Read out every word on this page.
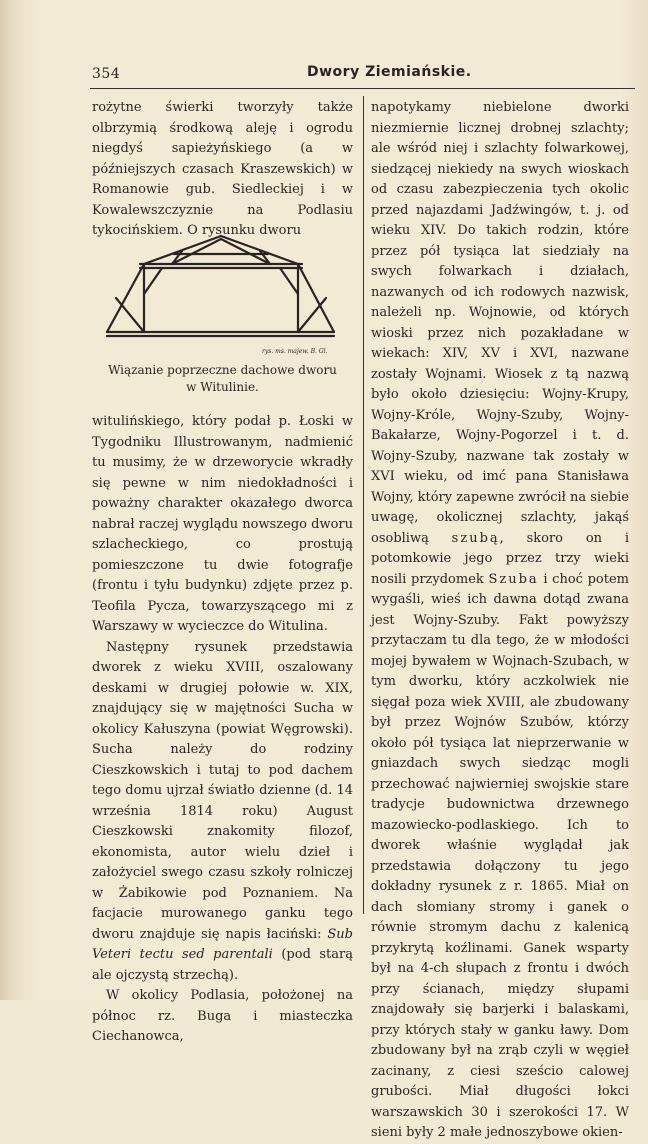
354	Dwory Ziemiańskie.

rożytne świerki tworzyły także olbrzymią środkową aleję i ogrodu niegdyś sapieżyńskiego (a w późniejszych czasach Kraszewskich) w Romanowie gub. Siedleckiej i w Kowalewszczyznie na Podlasiu tykocińskiem. O rysunku dworu

rys. ms. majew. B. Gl.
Wiązanie poprzeczne dachowe dworu
w Witulinie.

witulińskiego, który podał p. Łoski w Tygodniku Illustrowanym, nadmienić tu musimy, że w drzeworycie wkradły się pewne w nim niedokładności i poważny charakter okazałego dworca nabrał raczej wyglądu nowszego dworu szlacheckiego, co prostują pomieszczone tu dwie fotografje (frontu i tyłu budynku) zdjęte przez p. Teofila Pycza, towarzyszącego mi z Warszawy w wycieczce do Witulina.

Następny rysunek przedstawia dworek z wieku XVIII, oszalowany deskami w drugiej połowie w. XIX, znajdujący się w majętności Sucha w okolicy Kałuszyna (powiat Węgrowski). Sucha należy do rodziny Cieszkowskich i tutaj to pod dachem tego domu ujrzał światło dzienne (d. 14 września 1814 roku) August Cieszkowski znakomity filozof, ekonomista, autor wielu dzieł i założyciel swego czasu szkoły rolniczej w Żabikowie pod Poznaniem. Na facjacie murowanego ganku tego dworu znajduje się napis łaciński: Sub Veteri tectu sed parentali (pod starą ale ojczystą strzechą).

W okolicy Podlasia, położonej na północ rz. Buga i miasteczka Ciechanowca,

napotykamy niebielone dworki niezmiernie licznej drobnej szlachty; ale wśród niej i szlachty folwarkowej, siedzącej niekiedy na swych wioskach od czasu zabezpieczenia tych okolic przed najazdami Jadźwingów, t. j. od wieku XIV. Do takich rodzin, które przez pół tysiąca lat siedziały na swych folwarkach i działach, nazwanych od ich rodowych nazwisk, należeli np. Wojnowie, od których wioski przez nich pozakładane w wiekach: XIV, XV i XVI, nazwane zostały Wojnami. Wiosek z tą nazwą było około dziesięciu: Wojny-Krupy, Wojny-Króle, Wojny-Szuby, Wojny-Bakałarze, Wojny-Pogorzel i t. d. Wojny-Szuby, nazwane tak zostały w XVI wieku, od imć pana Stanisława Wojny, który zapewne zwrócił na siebie uwagę, okolicznej szlachty, jakąś osobliwą szubą, skoro on i potomkowie jego przez trzy wieki nosili przydomek Szuba i choć potem wygaśli, wieś ich dawna dotąd zwana jest Wojny-Szuby. Fakt powyższy przytaczam tu dla tego, że w młodości mojej bywałem w Wojnach-Szubach, w tym dworku, który aczkolwiek nie sięgał poza wiek XVIII, ale zbudowany był przez Wojnów Szubów, którzy około pół tysiąca lat nieprzerwanie w gniazdach swych siedząc mogli przechować najwierniej swojskie stare tradycje budownictwa drzewnego mazowiecko-podlaskiego. Ich to dworek właśnie wyglądał jak przedstawia dołączony tu jego dokładny rysunek z r. 1865. Miał on dach słomiany stromy i ganek o równie stromym dachu z kalenicą przykrytą koźlinami. Ganek wsparty był na 4-ch słupach z frontu i dwóch przy ścianach, między słupami znajdowały się barjerki i balaskami, przy których stały w ganku ławy. Dom zbudowany był na zrąb czyli w węgieł zacinany, z ciesi sześcio calowej grubości. Miał długości łokci warszawskich 30 i szerokości 17. W sieni były 2 małe jednoszybowe okien-
